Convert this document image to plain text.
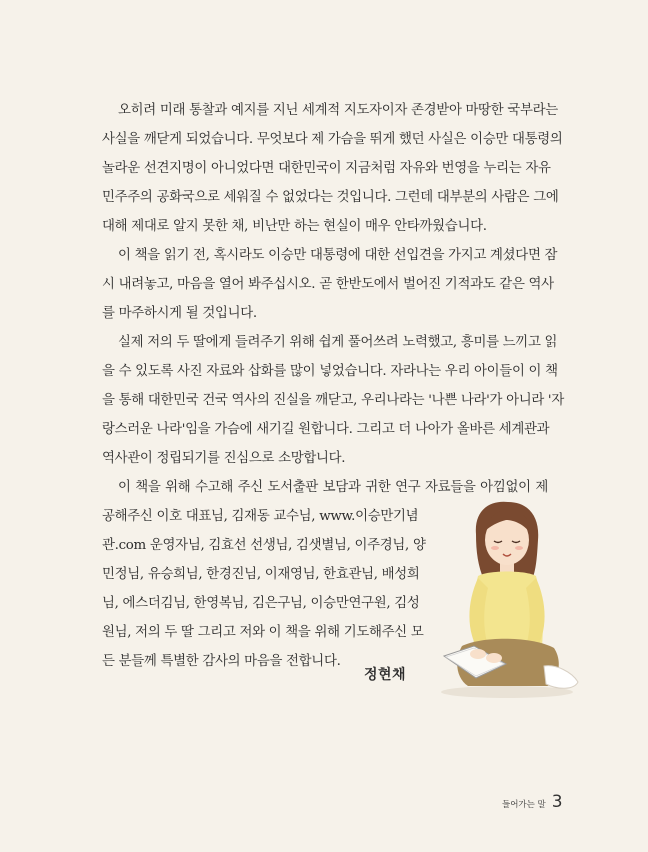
오히려 미래 통찰과 예지를 지닌 세계적 지도자이자 존경받아 마땅한 국부라는
사실을 깨닫게 되었습니다. 무엇보다 제 가슴을 뛰게 했던 사실은 이승만 대통령의
놀라운 선견지명이 아니었다면 대한민국이 지금처럼 자유와 번영을 누리는 자유
민주주의 공화국으로 세워질 수 없었다는 것입니다. 그런데 대부분의 사람은 그에
대해 제대로 알지 못한 채, 비난만 하는 현실이 매우 안타까웠습니다.
이 책을 읽기 전, 혹시라도 이승만 대통령에 대한 선입견을 가지고 계셨다면 잠
시 내려놓고, 마음을 열어 봐주십시오. 곧 한반도에서 벌어진 기적과도 같은 역사
를 마주하시게 될 것입니다.
실제 저의 두 딸에게 들려주기 위해 쉽게 풀어쓰려 노력했고, 흥미를 느끼고 읽
을 수 있도록 사진 자료와 삽화를 많이 넣었습니다. 자라나는 우리 아이들이 이 책
을 통해 대한민국 건국 역사의 진실을 깨닫고, 우리나라는 '나쁜 나라'가 아니라 '자
랑스러운 나라'임을 가슴에 새기길 원합니다. 그리고 더 나아가 올바른 세계관과
역사관이 정립되기를 진심으로 소망합니다.
이 책을 위해 수고해 주신 도서출판 보담과 귀한 연구 자료들을 아낌없이 제
공해주신 이호 대표님, 김재동 교수님, www.이승만기념
관.com 운영자님, 김효선 선생님, 김샛별님, 이주경님, 양
민정님, 유승희님, 한경진님, 이재영님, 한효관님, 배성희
님, 에스더김님, 한영복님, 김은구님, 이승만연구원, 김성
원님, 저의 두 딸 그리고 저와 이 책을 위해 기도해주신 모
든 분들께 특별한 감사의 마음을 전합니다.
정현채
들어가는 말 3
